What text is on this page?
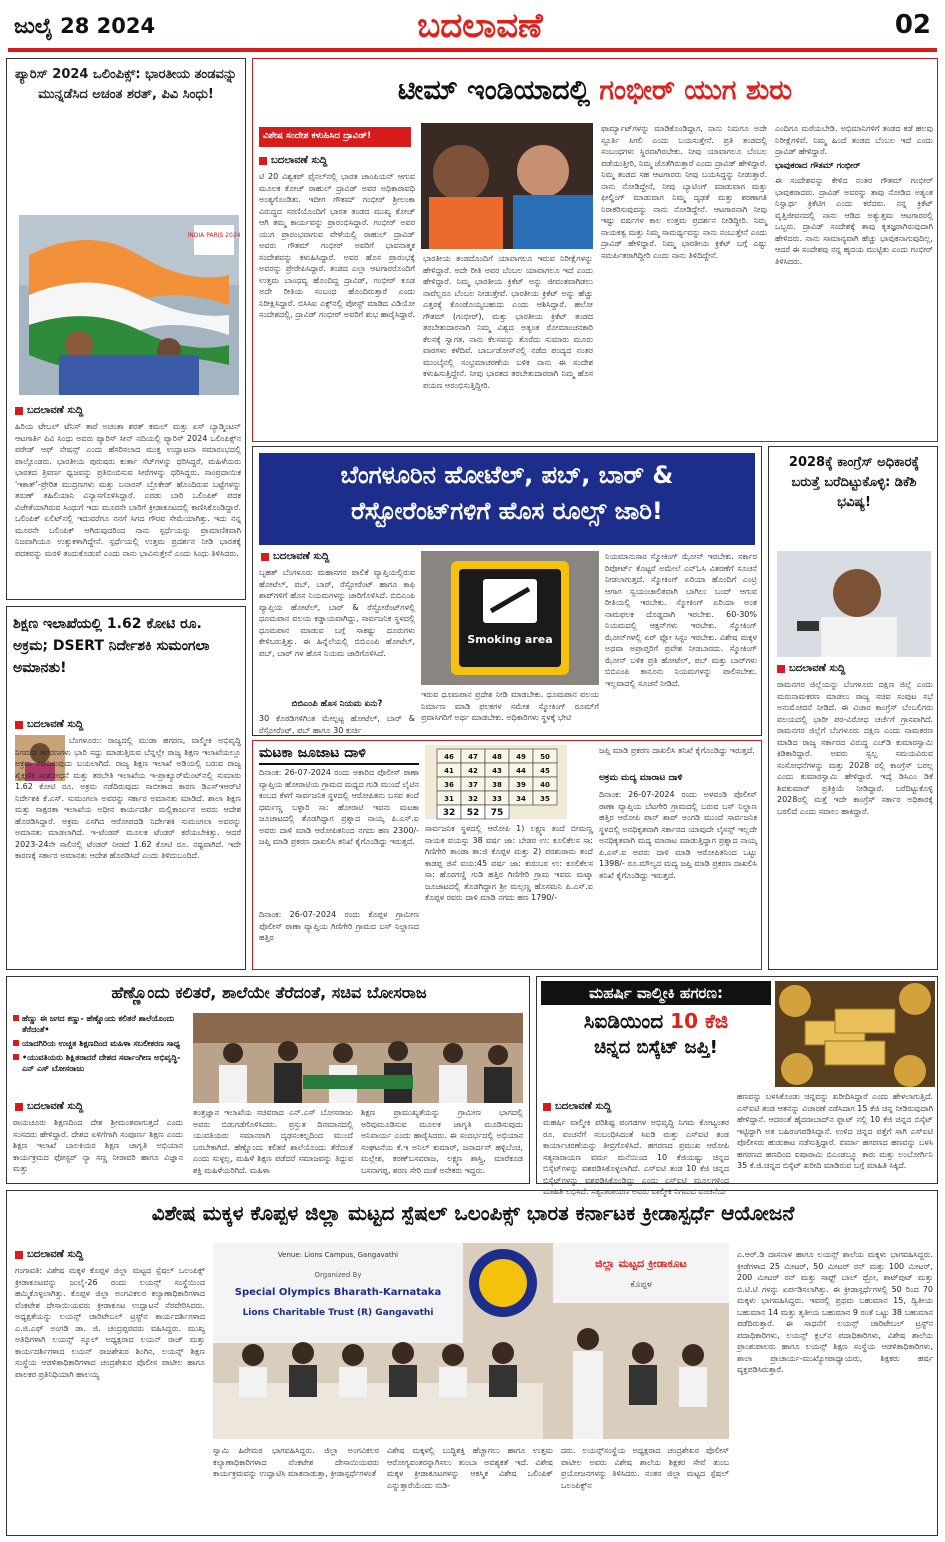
ಜುಲೈ 28 2024	ಬದಲಾವಣೆ	02
ಪ್ಯಾರಿಸ್ 2024 ಒಲಿಂಪಿಕ್ಸ್: ಭಾರತೀಯ ತಂಡವನ್ನು ಮುನ್ನಡೆಸಿದ ಅಚಂತ ಶರತ್, ಪಿವಿ ಸಿಂಧು!
INDIA PARIS 2024
ಬದಲಾವಣೆ ಸುದ್ದಿ
ಹಿರಿಯ ಟೇಬಲ್ ಟೆನಿಸ್ ತಾರೆ ಅಚಂತಾ ಶರತ್ ಕಮಲ್ ಮತ್ತು ಏಸ್ ಬ್ಯಾಡ್ಮಿಂಟನ್ ಆಟಗಾರ್ತಿ ಪಿವಿ ಸಿಂಧು ಅವರು ಪ್ಯಾರಿಸ್ ಸೀನ್ ನದಿಯಲ್ಲಿ ಪ್ಯಾರಿಸ್ 2024 ಒಲಿಂಪಿಕ್ಸ್‌ನ ಪರೇಡ್ ಆಫ್ ನೇಷನ್ಸ್ ಎಂದು ಹೆಸರಿಸಲಾದ ಮುಕ್ತ ಉದ್ಘಾಟನಾ ಸಮಾರಂಭದಲ್ಲಿ ಪಾಲ್ಗೊಂಡರು. ಭಾರತೀಯ ಪುರುಷರು ಕುರ್ತಾ ಸೆಟ್‌ಗಳನ್ನು ಧರಿಸಿದ್ದರೆ, ಮಹಿಳೆಯರು ಭಾರತದ ತ್ರಿವರ್ಣ ಧ್ವಜವನ್ನು ಪ್ರತಿಬಿಂಬಿಸುವ ಸೀರೆಗಳನ್ನು ಧರಿಸಿದ್ದರು. ಸಾಂಪ್ರದಾಯಿಕ 'ಇಕಾತ್'-ಪ್ರೇರಿತ ಮುದ್ರಣಗಳು ಮತ್ತು ಬನಾರಸ್ ಬ್ರೊಕೇಡ್ ಹೊಂದಿರುವ ಬಟ್ಟೆಗಳನ್ನು ತರುಣ್ ತಹಿಲಿಯಾನಿ ವಿನ್ಯಾಸಗೊಳಿಸಿದ್ದಾರೆ. ಎರಡು ಬಾರಿ ಒಲಿಂಪಿಕ್ ಪದಕ ವಿಜೇತೆಯಾಗಿರುವ ಸಿಂಧುಗೆ ಇದು ಮೂರನೇ ಬಾರಿಗೆ ಕ್ರೀಡಾಕೂಟದಲ್ಲಿ ಕಾಣಿಸಿಕೊಂಡಿದ್ದಾರೆ. ಒಲಿಂಪಿಕ್ ಏಲಿಟ್‌ನಲ್ಲಿ ಇದುವರೆಗೂ ನನಗೆ ಸಿಗದ ಗೌರವ ಸೇಮೆಯಾಗಿತ್ತು. ಇದು ನನ್ನ ಮೂರನೇ ಒಲಿಂಪಿಕ್ ಆಗಿರುವುದರಿಂದ ನಾನು ಸ್ಪರ್ಧೆಯನ್ನು ಪ್ರಾಮಾಣಿಕವಾಗಿ ನಿಜವಾಗಿಯೂ ಉತ್ಸುಕಳಾಗಿದ್ದೇನೆ. ಸ್ಪರ್ಧೆಯಲ್ಲಿ ಉತ್ತಮ ಪ್ರದರ್ಶನ ನೀಡಿ ಭಾರತಕ್ಕೆ ಪದಕವನ್ನು ಮರಳಿ ತಂದುಕೊಡುವೆ ಎಂದು ನಾನು ಭಾವಿಸುತ್ತೇನೆ ಎಂದು ಸಿಂಧು ತಿಳಿಸಿದರು.
ಟೀಮ್ ಇಂಡಿಯಾದಲ್ಲಿ ಗಂಭೀರ್ ಯುಗ ಶುರು
ವಿಶೇಷ ಸಂದೇಶ ಕಳುಹಿಸಿದ ದ್ರಾವಿಡ್!
ಬದಲಾವಣೆ ಸುದ್ದಿ
ಟಿ 20 ವಿಶ್ವಕಪ್ ಫೈನಲ್‌ನಲ್ಲಿ ಭಾರತ ಚಾಂಪಿಯನ್ ಆಗುವ ಮೂಲಕ ಕೋಚ್ ರಾಹುಲ್ ದ್ರಾವಿಡ್ ಅವರ ಅಧಿಕಾರಾವಧಿ ಅಂತ್ಯಗೊಂಡಿತು. ಇದೀಗ ಗೌತಮ್ ಗಂಭೀರ್ ಶ್ರೀಲಂಕಾ ವಿರುದ್ಧದ ಸರಣಿಯೊಂದಿಗೆ ಭಾರತ ತಂಡದ ಮುಖ್ಯ ಕೋಚ್ ಆಗಿ ತಮ್ಮ ಕಾರ್ಯವನ್ನು ಪ್ರಾರಂಭಿಸಿದ್ದಾರೆ. ಗಂಭೀರ್ ಅವರ ಯುಗ ಪ್ರಾರಂಭವಾಗುವ ವೇಳೆಯಲ್ಲಿ ರಾಹುಲ್ ದ್ರಾವಿಡ್ ಅವರು ಗೌತಮ್ ಗಂಭೀರ್ ಅವರಿಗೆ ಭಾವನಾತ್ಮಕ ಸಂದೇಶವನ್ನು ಕಳುಹಿಸಿದ್ದಾರೆ. ಅವರ ಹೊಸ ಪ್ರಾರಂಭಕ್ಕೆ ಅವರನ್ನು ಪ್ರೇರೇಪಿಸಿದ್ದಾರೆ. ತಂಡದ ಎಲ್ಲಾ ಆಟಗಾರರೊಂದಿಗೆ ಉತ್ತಮ ಬಾಂಧವ್ಯ ಹೊಂದಿದ್ದ ದ್ರಾವಿಡ್, ಗಂಭೀರ್ ಕೂಡ ಅದೇ ರೀತಿಯ ಸಂಬಂಧ ಹೊಂದಿರುತ್ತಾರೆ ಎಂದು ನಿರೀಕ್ಷಿಸಿದ್ದಾರೆ. ಬಿಸಿಸಿಐ ಎಕ್ಸ್‌ನಲ್ಲಿ ಪೋಸ್ಟ್ ಮಾಡಿದ ವಿಡಿಯೋ ಸಂದೇಶದಲ್ಲಿ, ದ್ರಾವಿಡ್ ಗಂಭೀರ್ ಅವರಿಗೆ ಶುಭ ಹಾರೈಸಿದ್ದಾರೆ.
ಭಾರತೀಯ ತಂಡದೊಂದಿಗೆ ಯಾವಾಗಲೂ ಇರುವ ನಿರೀಕ್ಷೆಗಳನ್ನು ಹೇಳಿದ್ದಾರೆ. ಅದೇ ರೀತಿ ಅವರ ಬೆಂಬಲ ಯಾವಾಗಲೂ ಇದೆ ಎಂದು ಹೇಳಿದ್ದಾರೆ. ನಿಮ್ಮ ಭಾರತೀಯ ಕ್ರಿಕೆಟ್ ಅನ್ನು ಜೀವಂತವಾಗಿಡಲು ನಾವೆಲ್ಲರೂ ಬೆಂಬಲ ನೀಡುತ್ತೇವೆ. ಭಾರತೀಯ ಕ್ರಿಕೆಟ್ ಅನ್ನು ಹೆಚ್ಚು ಎತ್ತರಕ್ಕೆ ಕೊಂಡೊಯ್ಯಬಹುದು ಎಂದು ಆಶಿಸಿದ್ದಾರೆ. ಹಲೋ ಗೌತಮ್ (ಗಂಭೀರ್), ಮತ್ತು ಭಾರತೀಯ ಕ್ರಿಕೆಟ್ ತಂಡದ ತರಬೇತುದಾರನಾಗಿ ನಿಮ್ಮ ವಿಶ್ವದ ಅತ್ಯಂತ ರೋಮಾಂಚನಕಾರಿ ಕೆಲಸಕ್ಕೆ ಸ್ವಾಗತ. ನಾನು ಕೆಲಸವನ್ನು ತೊರೆದು ಸುಮಾರು ಮೂರು ವಾರಗಳು ಕಳೆದಿವೆ. ಬಾರ್ಬಡೋಸ್‌ನಲ್ಲಿ ನಡೆದ ಪಂದ್ಯದ ನಂತರ ಮುಂಬೈನಲ್ಲಿ ಸಂಭ್ರಮಾಚರಣೆಯ ಬಳಿಕ ನಾನು ಈ ಸಂದೇಶ ಕಳುಹಿಸುತ್ತಿದ್ದೇನೆ. ನೀವು ಭಾರತದ ತರಬೇತುದಾರರಾಗಿ ನಿಮ್ಮ ಹೊಸ ಪಯಣ ಆರಂಭಿಸುತ್ತಿದ್ದೀರಿ.
ಫಾರ್ಮ್ಯಾಟ್‌ಗಳನ್ನು ಮಾಡಿಕೊಂಡಿದ್ದಾಗ, ನಾನು ನಿಮಗೂ ಅದೇ ಸ್ಪೂರ್ತಿ ಸಿಗಲಿ ಎಂದು ಬಯಸುತ್ತೇನೆ. ಪ್ರತಿ ತಂಡದಲ್ಲಿ ಸಂಬಂಧಗಳು ಸ್ಥಿರವಾಗಿರಬೇಕು. ನೀವು ಯಾವಾಗಲೂ ಬೆಂಬಲ ಪಡೆಯುತ್ತೀರಿ, ನಿಮ್ಮ ಜೊತೆಗಿರುತ್ತಾರೆ ಎಂದು ದ್ರಾವಿಡ್ ಹೇಳಿದ್ದಾರೆ. ನಿಮ್ಮ ತಂಡದ ಸಹ ಆಟಗಾರರು ನೀವು ಬಯಸಿದ್ದನ್ನು ನೀಡುತ್ತಾರೆ. ನಾನು ನೋಡಿದ್ದೇನೆ, ನೀವು ಬ್ಯಾಟಿಂಗ್ ಮಾಡುವಾಗ ಮತ್ತು ಫೀಲ್ಡಿಂಗ್ ಮಾಡುವಾಗ ನಿಮ್ಮ ದೃಢತೆ ಮತ್ತು ಶರಣಾಗತಿ ನಿರಾಕರಿಸುವುದನ್ನು ನಾನು ನೋಡಿದ್ದೇನೆ. ಆಟಗಾರನಾಗಿ ನೀವು ಇಷ್ಟು ವರ್ಷಗಳ ಕಾಲ ಉತ್ತಮ ಪ್ರದರ್ಶನ ನೀಡಿದ್ದೀರಿ. ನಿಮ್ಮ ನಾಯಕತ್ವ ಮತ್ತು ನಿಮ್ಮ ಸಾಮರ್ಥ್ಯವನ್ನು ನಾನು ನಂಬುತ್ತೇನೆ ಎಂದು ದ್ರಾವಿಡ್ ಹೇಳಿದ್ದಾರೆ. ನಿಮ್ಮ ಭಾರತೀಯ ಕ್ರಿಕೆಟ್ ಬಗ್ಗೆ ಎಷ್ಟು ಸಮರ್ಪಿತರಾಗಿದ್ದೀರಿ ಎಂದು ನಾನು ತಿಳಿದಿದ್ದೇನೆ.
ಎಂದಿಗೂ ಮರೆಯಬೇಡಿ. ಅಭಿಮಾನಿಗಳಿಗೆ ತಂಡದ ಕಡೆ ಹಲವು ನಿರೀಕ್ಷೆಗಳಿವೆ. ನಿಮ್ಮ ಹಿಂದೆ ತಂಡದ ಬೆಂಬಲ ಇದೆ ಎಂದು ದ್ರಾವಿಡ್ ಹೇಳಿದ್ದಾರೆ.
ಭಾವುಕರಾದ ಗೌತಮ್ ಗಂಭೀರ್
ಈ ಸಂದೇಶವನ್ನು ಕೇಳಿದ ನಂತರ ಗೌತಮ್ ಗಂಭೀರ್ ಭಾವುಕರಾದರು. ದ್ರಾವಿಡ್ ಅವರನ್ನು ತಾವು ನೋಡಿದ ಅತ್ಯಂತ ನಿಸ್ವಾರ್ಥ ಕ್ರಿಕೆಟಿಗ ಎಂದು ಕರೆದರು. ನನ್ನ ಕ್ರಿಕೆಟ್ ವೃತ್ತಿಜೀವನದಲ್ಲಿ ನಾನು ಆಡಿದ ಅತ್ಯುತ್ತಮ ಆಟಗಾರರಲ್ಲಿ ಒಬ್ಬರು. ದ್ರಾವಿಡ್ ಸಂದೇಶಕ್ಕೆ ತಾವು ಕೃತಜ್ಞರಾಗಿರುವುದಾಗಿ ಹೇಳಿದರು. ನಾನು ಸಾಮಾನ್ಯವಾಗಿ ಹೆಚ್ಚು ಭಾವುಕನಾಗುವುದಿಲ್ಲ, ಆದರೆ ಈ ಸಂದೇಶವು ನನ್ನ ಹೃದಯ ಮುಟ್ಟಿತು ಎಂದು ಗಂಭೀರ್ ತಿಳಿಸಿದರು.
ಬೆಂಗಳೂರಿನ ಹೋಟೆಲ್, ಪಬ್, ಬಾರ್ &
ರೆಸ್ಟೋರೆಂಟ್‌ಗಳಿಗೆ ಹೊಸ ರೂಲ್ಸ್ ಜಾರಿ!
ಬದಲಾವಣೆ ಸುದ್ದಿ
ಬೃಹತ್ ಬೆಂಗಳೂರು ಮಹಾನಗರ ಪಾಲಿಕೆ ವ್ಯಾಪ್ತಿಯಲ್ಲಿರುವ ಹೋಟೆಲ್, ಪಬ್, ಬಾರ್, ರೆಸ್ಟೋರೆಂಟ್ ಹಾಗೂ ಕಾಫಿ ಶಾಪ್‌ಗಳಿಗೆ ಹೊಸ ನಿಯಮಗಳನ್ನು ಜಾರಿಗೊಳಿಸಿದೆ. ಬಿಬಿಎಂಪಿ ವ್ಯಾಪ್ತಿಯ ಹೋಟೆಲ್, ಬಾರ್ & ರೆಸ್ಟೋರೆಂಟ್‌ಗಳಲ್ಲಿ ಧೂಮಪಾನ ವಲಯ ಕಡ್ಡಾಯವಾಗಿದ್ದು, ಸಾರ್ವಜನಿಕ ಸ್ಥಳದಲ್ಲಿ ಧೂಮಪಾನ ಮಾಡುವ ಬಗ್ಗೆ ಸಾಕಷ್ಟು ದೂರುಗಳು ಕೇಳಿಬರುತ್ತಿತ್ತು. ಈ ಹಿನ್ನೆಲೆಯಲ್ಲಿ ಬಿಬಿಎಂಪಿ ಹೋಟೆಲ್, ಪಬ್, ಬಾರ್ ಗಳ ಹೊಸ ನಿಯಮ ಜಾರಿಗೊಳಿಸಿದೆ.
ಬಿಬಿಎಂಪಿ ಹೊಸ ನಿಯಮ ಏನು?
30 ಕೊಠಡಿಗಳಿಗಿಂತ ಮೇಲ್ಪಟ್ಟ ಹೋಟೆಲ್, ಬಾರ್ & ರೆಸ್ಟೋರೆಂಟ್, ಪಬ್ ಹಾಗೂ 30 ಕುರ್ಚಿ
Smoking area
ಇರುವ ಧೂಮಪಾನ ಪ್ರದೇಶ ನೀಡಿ ಮಾಡಬೇಕು. ಧೂಮಪಾನ ವಲಯ ನಿರ್ಮಾಣ ಮಾಡಿ ಫಲಕಗಳ ಸಮೇತ ಸ್ಮೋಕಿಂಗ್ ರೂಮ್‌ಗೆ ಪ್ರವಾಸಿಗರಿಗೆ ಅರ್ಥ ಮಾಡಬೇಕು. ಅಧಿಕಾರಿಗಳು ಸ್ಥಳಕ್ಕೆ ಭೇಟಿ
ನಿಯಮಾನುಸಾರ ಸ್ಮೋಕಿಂಗ್ ಝೋನ್ ಇರಬೇಕು. ಸರ್ಕಾರ ರಿಪೋರ್ಟ್ ಕೊಟ್ಟರೆ ಅಮೇಲೆ ಎನ್‌ಓಸಿ ವಿತರಣೆಗೆ ಸೂಚನೆ ನೀಡಲಾಗುತ್ತದೆ. ಸ್ಮೋಕಿಂಗ್ ಏರಿಯಾ ಹೊಂದಿಗೆ ಎಂಟ್ರಿ ಆಗಾಗ ಸ್ವಯಂಚಾಲಿತವಾಗಿ ಬಾಗಿಲು ಬಂದ್ ಆಗುವ ರೀತಿಯಲ್ಲಿ ಇರಬೇಕು. ಸ್ಮೋಕಿಂಗ್ ಏರಿಯಾ ಅಂತ ನಾಮಫಲಕ ದೊಡ್ಡದಾಗಿ ಇರಬೇಕು. 60-30% ನಿಯಮದಲ್ಲಿ ಆಕ್ಷನ್‌ಗಳು ಇರಬೇಕು. ಸ್ಮೋಕಿಂಗ್ ಝೋನ್‌ಗಳಲ್ಲಿ ಏರ್ ಫ್ಲೋ ಸಿಸ್ಟಂ ಇರಬೇಕು. ವಿಶೇಷ ಮಕ್ಕಳ ಅಥವಾ ಅಪ್ರಾಪ್ತರಿಗೆ ಪ್ರವೇಶ ನೀಡಬಾರದು. ಸ್ಮೋಕಿಂಗ್ ಝೋನ್ ಬಳಿಕ ಪ್ರತಿ ಹೋಟೆಲ್, ಪಬ್ ಮತ್ತು ಬಾರ್‌ಗಳು ಬಿಬಿಎಂಪಿ ಕಾನೂನು ನಿಯಮಗಳನ್ನು ಪಾಲಿಸಬೇಕು. ಇಲ್ಲವಾದಲ್ಲಿ ಸೂಚನೆ ನೀಡಿದೆ.
2028ಕ್ಕೆ ಕಾಂಗ್ರೆಸ್ ಅಧಿಕಾರಕ್ಕೆ ಬರುತ್ತೆ ಬರೆದಿಟ್ಟುಕೊಳ್ಳಿ: ಡಿಕೆಶಿ ಭವಿಷ್ಯ!
ಬದಲಾವಣೆ ಸುದ್ದಿ
ರಾಮನಗರ ಜಿಲ್ಲೆಯನ್ನು ಬೆಂಗಳೂರು ದಕ್ಷಿಣ ಜಿಲ್ಲೆ ಎಂದು ಮರುನಾಮಕರಣ ಮಾಡಲು ರಾಜ್ಯ ಸಚಿವ ಸಂಪುಟ ಸಭೆ ಅನುಮೋದನೆ ನೀಡಿದೆ. ಈ ವಿಚಾರ ಕಾಂಗ್ರೆಸ್ ಬೆಂಬಲಿಗರು ವಲಯದಲ್ಲಿ ಭಾರೀ ಪರ-ವಿರೋಧ ಚರ್ಚೆಗೆ ಗ್ರಾಸವಾಗಿದೆ. ರಾಮನಗರ ಜಿಲ್ಲೆಗೆ ಬೆಂಗಳೂರು ದಕ್ಷಿಣ ಎಂದು ನಾಮಕರಣ ಮಾಡಿದ ರಾಜ್ಯ ಸರ್ಕಾರದ ವಿರುದ್ಧ ಎಚ್‌ಡಿ ಕುಮಾರಸ್ವಾಮಿ ಕಿಡಿಕಾರಿದ್ದಾರೆ. ಅವರು ಸ್ವಲ್ಪ ಸಮಯವಿರುವ ಸಂಸೋಧನೆಗಳನ್ನು ಮತ್ತು 2028 ರಲ್ಲಿ ಕಾಂಗ್ರೆಸ್ ಬರಲ್ಲ ಎಂದು ಕುಮಾರಸ್ವಾಮಿ ಹೇಳಿದ್ದಾರೆ. ಇದ್ಕೆ ಡಿಸಿಎಂ ಡಿಕೆ ಶಿವಕುಮಾರ್ ಪ್ರತಿಕ್ರಿಯೆ ನೀಡಿದ್ದಾರೆ. ಬರೆದಿಟ್ಟುಕೊಳ್ಳಿ 2028ರಲ್ಲಿ ಮತ್ತೆ ಇದೇ ಕಾಂಗ್ರೆಸ್ ಸರ್ಕಾರ ಅಧಿಕಾರಕ್ಕೆ ಬರಲಿದೆ ಎಂದು ಸವಾಲು ಹಾಕಿದ್ದಾರೆ.
ಶಿಕ್ಷಣ ಇಲಾಖೆಯಲ್ಲಿ 1.62 ಕೋಟಿ ರೂ. ಅಕ್ರಮ; DSERT ನಿರ್ದೇಶಕಿ ಸುಮಂಗಲಾ ಅಮಾನತು!
ಬದಲಾವಣೆ ಸುದ್ದಿ
ಬೆಂಗಳೂರು: ರಾಜ್ಯದಲ್ಲಿ ಮುಡಾ ಹಗರಣ, ವಾಲ್ಮೀಕಿ ಅಭಿವೃದ್ಧಿ ನಿಗಮದ ಹಗರಣಗಳು ಭಾರಿ ಸದ್ದು ಮಾಡುತ್ತಿರುವ ಬೆನ್ನಲ್ಲೇ ರಾಜ್ಯ ಶಿಕ್ಷಣ ಇಲಾಖೆಯಲ್ಲೂ ಅಕ್ರಮ ನಡೆದಿರುವುದು ಬಯಲಾಗಿದೆ. ರಾಜ್ಯ ಶಿಕ್ಷಣ ಇಲಾಖೆ ಅಡಿಯಲ್ಲಿ ಬರುವ ರಾಜ್ಯ ಶೈಕ್ಷಣಿಕ ಸಂಶೋಧನೆ ಮತ್ತು ತರಬೇತಿ ಇಲಾಖೆಯ ಇ-ಪ್ರಾಕ್ಯೂರ್‌ಮೆಂಟ್‌ನಲ್ಲಿ ಸುಮಾರು 1.62 ಕೋಟಿ ರೂ. ಅಕ್ರಮ ನಡೆದಿರುವುದು ಸಾಬೀತಾದ ಕಾರಣ ಡಿಎಸ್‌ಇಆರ್‌ಟಿ ನಿರ್ದೇಶಕಿ ಕೆ.ಎಸ್. ಸುಮಂಗಲಾ ಅವರನ್ನು ಸರ್ಕಾರ ಅಮಾನತು ಮಾಡಿದೆ. ಶಾಲಾ ಶಿಕ್ಷಣ ಮತ್ತು ಸಾಕ್ಷರತಾ ಇಲಾಖೆಯ ಅಧೀನ ಕಾರ್ಯದರ್ಶಿ ಮಲ್ಲಿಕಾರ್ಜುನ ಅವರು ಆದೇಶ ಹೊರಡಿಸಿದ್ದಾರೆ. ಅಕ್ರಮ ಎಸಗಿದ ಆರೋಪದಡಿ ನಿರ್ದೇಶಕಿ ಸುಮಂಗಲಾ ಅವರನ್ನು ಅಮಾನತು ಮಾಡಲಾಗಿದೆ. ಇ-ಟೆಂಡರ್ ಮೂಲಕ ಟೆಂಡರ್ ಕರೆಯಬೇಕಿತ್ತು. ಆದರೆ 2023-24ನೇ ಸಾಲಿನಲ್ಲಿ ಟೆಂಡರ್ ನೀಡದೆ 1.62 ಕೋಟಿ ರೂ. ನಷ್ಟವಾಗಿದೆ. ಇದೇ ಕಾರಣಕ್ಕೆ ಸರ್ಕಾರ ಅಮಾನತು ಆದೇಶ ಹೊರಡಿಸಿದೆ ಎಂದು ತಿಳಿದುಬಂದಿದೆ.
ಮಟಕಾ ಜೂಜಾಟ ದಾಳಿ	46 47 48 49 50
41 42 43 44 45
36 37 38 39 40
31 32 33 34 35
32 52 75
ದಿನಾಂಕ: 26-07-2024 ರಂದು ಅಕಾರಿದ ಪೊಲೀಸ್ ಠಾಣಾ ವ್ಯಾಪ್ತಿಯ ಹೋರಾಟಿಯ ಗ್ರಾಮದ ಮಧ್ಯದ ಗುಡಿ ಮುಂದೆ ಲೈಟಿನ ಕಂಬದ ಕೆಳಗೆ ಸಾರ್ವಜನಿಕ ಸ್ಥಳದಲ್ಲಿ ಆರೋಪಿತನು ಬಸವ ತಂದೆ ಧರ್ಮಣ್ಣ ಬಳ್ಳಾರಿ ಸಾ: ಹೋರಾಟಿ ಇವನು ಮಟಕಾ ಜೂಜಾಟದಲ್ಲಿ ತೊಡಗಿದ್ದಾಗ ಪ್ರಶ್ನಾದ ನಾಯ್ಕ ಪಿ.ಎಸ್.ಐ ಅವರು ದಾಳಿ ಮಾಡಿ ಆರೋಪಿತನಿಂದ ನಗದು ಹಣ 2300/- ಜಪ್ತಿ ಮಾಡಿ ಪ್ರಕರಣ ದಾಖಲಿಸಿ ತನಿಖೆ ಕೈಗೊಂಡಿದ್ದು ಇರುತ್ತದೆ.
ದಿನಾಂಕ: 26-07-2024 ರಂದು ಕೊಪ್ಪಳ ಗ್ರಾಮೀಣ ಪೊಲೀಸ್ ಠಾಣಾ ವ್ಯಾಪ್ತಿಯ ಗಿಣಿಗೇರಿ ಗ್ರಾಮದ ಬಸ್ ನಿಲ್ದಾಣದ ಹತ್ತಿರ
ಸಾರ್ವಜನಿಕ ಸ್ಥಳದಲ್ಲಿ ಆರೋಪಿ 1) ಲಕ್ಷ್ಮಣ ತಂದೆ ಬೀಮಣ್ಣ ನಾಯಕ ವಯಸ್ಸು 38 ವರ್ಷ ಜಾ: ಬೇಡರ ಉ: ಕೂಲಿಕೆಲಸ ಸಾ: ಗಿಣಿಗೇರಿ ತಾಂಡಾ ತಾ:ಜಿ ಕೊಪ್ಪಳ ಮತ್ತು 2) ಪರಶುರಾಮ ತಂದೆ ಕಾಡಪ್ಪ ಜಿಸೆ ವಯ:45 ವರ್ಷ ಜಾ: ಕುರುಬರ ಉ: ಕೂಲಿಕೆಲಸ ಸಾ: ಹೊರಗಣ್ಣಿ ಗುಡಿ ಹತ್ತಿರ ಗಿಣಿಗೇರಿ ಗ್ರಾಮ ಇವರು ಮಟ್ಕಾ ಜೂಜಾಟದಲ್ಲಿ ತೊಡಗಿದ್ದಾಗ ಶ್ರೀ ಮಲ್ಲಣ್ಣ ಹೊಸಮನಿ ಪಿ.ಎಸ್.ಐ ಕೊಪ್ಪಳ ರವರು ದಾಳಿ ಮಾಡಿ ನಗದು ಹಣ 1790/-
ಜಪ್ತಿ ಮಾಡಿ ಪ್ರಕರಣ ದಾಖಲಿಸಿ ತನಿಖೆ ಕೈಗೊಂಡಿದ್ದು ಇರುತ್ತದೆ.
ಅಕ್ರಮ ಮದ್ಯ ಮಾರಾಟ ದಾಳಿ
ದಿನಾಂಕ: 26-07-2024 ರಂದು ಅಳವಂಡಿ ಪೊಲೀಸ್ ಠಾಣಾ ವ್ಯಾಪ್ತಿಯ ಬೆಟಗೇರಿ ಗ್ರಾಮದಲ್ಲಿ ಬರುವ ಬಸ್ ನಿಲ್ದಾಣ ಹತ್ತಿರ ಆರೋಪಿ ಪಾನ್ ಶಾಪ್ ಅಂಗಡಿ ಮುಂದೆ ಸಾರ್ವಜನಿಕ ಸ್ಥಳದಲ್ಲಿ ಅನಧಿಕೃತವಾಗಿ ಸರ್ಕಾರದ ಯಾವುದೇ ಲೈಸನ್ಸ್ ಇಲ್ಲದೇ ಅನಧಿಕೃತವಾಗಿ ಮದ್ಯ ಮಾರಾಟ ಮಾಡುತ್ತಿದ್ದಾಗ ಪ್ರಶ್ನಾದ ನಾಯ್ಕ ಪಿ.ಎಸ್.ಐ ಅವರು ದಾಳಿ ಮಾಡಿ ಆರೋಪಿತನಿಂದ ಒಟ್ಟು 1398/- ರೂ.ಮೌಲ್ಯದ ಮದ್ಯ ಜಪ್ತಿ ಮಾಡಿ ಪ್ರಕರಣ ದಾಖಲಿಸಿ ತನಿಖೆ ಕೈಗೊಂಡಿದ್ದು ಇರುತ್ತದೆ.
ಹೆಣ್ಣೊಂದು ಕಲಿತರೆ, ಶಾಲೆಯೇ ತೆರೆದಂತೆ, ಸಚಿವ ಬೋಸರಾಜ
ಹೆಣ್ಣು ಈ ಜಗದ ಕಣ್ಣು- ಹೆಣ್ಣೊಂದು ಕಲಿತರೆ ಶಾಲೆಯೊಂದು ತೆರೆದಂತೆ•
ಯಾದಗಿರಿಯ ಉಚ್ಚತ ಶಿಕ್ಷಣದಿಂದ ಮಹಿಳಾ ಸಬಲೀಕರಣ ಸಾಧ್ಯ
•ಯುವತಿಯರು ಶಿಕ್ಷಿತರಾದರೆ ದೇಶದ ಸರ್ವಾಂಗೀಣ ಅಭಿವೃದ್ಧಿ- ಎನ್ ಎಸ್ ಬೋಸರಾಜು
ಬದಲಾವಣೆ ಸುದ್ದಿ
ರಾಯಚೂರು ಶಿಕ್ಷಣದಿಂದ ದೇಶ ಶ್ರೀಮಂತವಾಗುತ್ತದೆ ಎಂದು ಸಂಸದರು ಹೇಳಿದ್ದಾರೆ. ದೇಶದ ಏಳಿಗೆಗಾಗಿ ಸಂಪೂರ್ಣ ಶಿಕ್ಷಣ ಎಂದು ಶಿಕ್ಷಣ ಇಲಾಖೆ ಬಾಲಕಿಯರ ಶಿಕ್ಷಣ ಜಾಗೃತಿ ಅಭಿಯಾನ ಕಾರ್ಯಕ್ರಮದ ಫೋಸ್ಟರ್ ನ್ಯಾ ಸಣ್ಣ ನೀರಾವರಿ ಹಾಗೂ ವಿಜ್ಞಾನ ಮತ್ತು
ತಂತ್ರಜ್ಞಾನ ಇಲಾಖೆಯ ಸಚಿವರಾದ ಎನ್.ಎಸ್ ಬೋಸರಾಜು ಅವರು ಬಿಡುಗಡೆಗೊಳಿಸಿದರು. ಪ್ರಸ್ತುತ ದಿನಮಾನದಲ್ಲಿ ಯುವತಿಯರು ಸಮಾನರಾಗಿ ದೃಢಸಂಕಲ್ಪದಿಂದ ಮುಂದೆ ಬರಬೇಕಾಗಿದೆ. ಹೆಣ್ಣೊಂದು ಕಲಿತರೆ ಶಾಲೆಯೊಂದು ತೆರೆದಂತೆ ಎಂದು ಸುಳ್ಳಲ್ಲ, ಮಹಿಳೆ ಶಿಕ್ಷಣ ಪಡೆದರೆ ಸಮಾಜವನ್ನು ತಿದ್ದುವ ಶಕ್ತಿ ಮಹಿಳೆಯರಿಗಿದೆ. ಮಹಿಳಾ
ಶಿಕ್ಷಣ ಪ್ರಾಮುಖ್ಯತೆಯನ್ನು ಗ್ರಾಮೀಣ ಭಾಗದಲ್ಲಿ ಅರಿವುಮೂಡಿಸುವ ಮೂಲಕ ಜಾಗೃತಿ ಮೂಡಿಸುವುದು ಅನಿವಾರ್ಯ ಎಂದು ಹಾರೈಸಿದರು. ಈ ಸಂದರ್ಭದಲ್ಲಿ ಅಭಿಯಾನ ಸಂಘಟನೆಯ ಕೆ.ಇ ಅನಿಲ್ ಕುಮಾರ್, ಜನಾರ್ದನ್ ಹಳ್ಳಿಬೆಂಚಿ, ಮಲ್ಲೇಶ, ಕರಣ್‌ಬಸವರಾಜ, ಲಕ್ಷ್ಮಣ ಶಾಸ್ತ್ರಿ, ಮಾರೆಕೂಡ ಬಸನಾಗಪ್ಪ, ಶರಣ ಸೇರಿ ದಂತೆ ಅನೇಕರು ಇದ್ದರು.
ಮಹರ್ಷಿ ವಾಲ್ಮೀಕಿ ಹಗರಣ:
ಸಿಐಡಿಯಿಂದ 10 ಕೆಜಿ
ಚಿನ್ನದ ಬಿಸ್ಕೆಟ್ ಜಪ್ತಿ!
ಬದಲಾವಣೆ ಸುದ್ದಿ
ಮಹರ್ಷಿ ವಾಲ್ಮೀಕಿ ಪರಿಶಿಷ್ಟ ಪಂಗಡಗಳ ಅಭಿವೃದ್ಧಿ ನಿಗಮ ಕೋಟ್ಯಂತರ ರೂ. ವಂಚನೆಗೆ ಸಂಬಂಧಿಸಿದಂತೆ ಸಿಐಡಿ ಮತ್ತು ಎಸ್‌ಐಟಿ ತಂಡ ಕಾರ್ಯಾಚರಣೆಯನ್ನು ತೀವ್ರಗೊಳಿಸಿದೆ. ಹಗರಣದ ಪ್ರಮುಖ ಆರೋಪಿ ಸತ್ಯನಾರಾಯಣ ವರ್ಮ ಮನೆಯಿಂದ 10 ಕೆಜಿಯಷ್ಟು ಚಿನ್ನದ ಬಿಸ್ಕೆಟ್‌ಗಳನ್ನು ವಶಪಡಿಸಿಕೊಳ್ಳಲಾಗಿದೆ. ಎಸ್‌ಐಟಿ ತಂಡ 10 ಕೆಜಿ ಚಿನ್ನದ ಬಿಸ್ಕೆಟ್‌ಗಳನ್ನು ವಶಪಡಿಸಿಕೊಂಡಿದ್ದು ಎಂದು ಎಸ್‌ಐಟಿ ಮೂಲಗಳಿಂದ ಮಾಹಿತಿ ಲಭಿಸಿದೆ. ಸತ್ಯನಾರಾಯಣ ಅವರು ವಾಲ್ಮೀಕಿ ನಿಗಮದ ವಂಚನೆಯ
ಹಣವನ್ನು ಬಳಸಿಕೊಂಡು ಚಿನ್ನವನ್ನು ಖರೀದಿಸಿದ್ದಾರೆ ಎಂದು ಹೇಳಲಾಗುತ್ತಿದೆ. ಎಸ್‌ಐಟಿ ತಂಡ ಆತನನ್ನು ವಿಚಾರಣೆ ನಡೆಸಿದಾಗ 15 ಕೆಜಿ ಚಿನ್ನ ನೀಡಿರುವುದಾಗಿ ಹೇಳಿದ್ದಾನೆ. ಆದರಂತೆ ಹೈದರಾಬಾದ್‌ನ ಫ್ಲಾಟ್ ನಲ್ಲಿ 10 ಕೆಜಿ ಚಿನ್ನದ ಬಿಸ್ಕೆಟ್ ಇಟ್ಟಿದ್ದಾಗಿ ಅತ ಬಹಿರಂಗಪಡಿಸಿದ್ದಾನೆ. ಉಳಿದ ಚಿನ್ನದ ಪತ್ತೆಗೆ ಸಾಗಿ ಎಸ್‌ಐಟಿ ಪೊಲೀಸರು ಹುಡುಕಾಟ ನಡೆಸುತ್ತಿದ್ದಾರೆ. ವರ್ಮಾ ಹಗರಣದ ಹಣವನ್ನು ಬಳಸಿ ಹಗರಣದ ಹಣದಿಂದ ಐಷಾರಾಮಿ ಬಿಎಂಡಬ್ಲ್ಯೂ ಕಾರು ಮತ್ತು ಲಂಬೋರ್ಗಿನಿ 35 ಕೆ.ಜಿ.ಚಿನ್ನದ ಬಿಸ್ಕೆಟ್ ಖರೀದಿ ಮಾಡಿರುವ ಬಗ್ಗೆ ಮಾಹಿತಿ ಸಿಕ್ಕಿದೆ.
ವಿಶೇಷ ಮಕ್ಕಳ ಕೊಪ್ಪಳ ಜಿಲ್ಲಾ ಮಟ್ಟದ ಸ್ಪೆಷಲ್ ಒಲಂಪಿಕ್ಸ್ ಭಾರತ ಕರ್ನಾಟಕ ಕ್ರೀಡಾಸ್ಪರ್ಧೆ ಆಯೋಜನೆ
ಬದಲಾವಣೆ ಸುದ್ದಿ
ಗಂಗಾವತಿ: ವಿಶೇಷ ಮಕ್ಕಳ ಕೊಪ್ಪಳ ಜಿಲ್ಲಾ ಮಟ್ಟದ ಸ್ಪೆಷಲ್ ಒಲಂಪಿಕ್ಸ್ ಕ್ರೀಡಾಕೂಟವನ್ನು ಜುಲೈ-26 ರಂದು ಲಯನ್ಸ್ ಸಂಸ್ಥೆಯಿಂದ ಹಮ್ಮಿಕೊಳ್ಳಲಾಗಿತ್ತು. ಕೊಪ್ಪಳ ಜಿಲ್ಲಾ ಅಂಗವಿಕಲರ ಕಲ್ಯಾಣಾಧಿಕಾರಿಗಳಾದ ವೆಂಕಟೇಶ ದೇಸಾಯಿಯವರು ಕ್ರೀಡಾಕೂಟ ಉದ್ಘಾಟನೆ ನೆರವೇರಿಸಿದರು. ಅಧ್ಯಕ್ಷತೆಯನ್ನು ಲಯನ್ಸ್ ಚಾರಿಟೇಬಲ್ ಟ್ರಸ್ಟ್‌ನ ಕಾರ್ಯದರ್ಶಿಗಳಾದ ಎ.ಜಿ.ಎಫ್ ಅಂಗಡಿ ಡಾ. ಜಿ. ಚಂದ್ರಪ್ಪರವರು ವಹಿಸಿದ್ದರು. ಮುಖ್ಯ ಅತಿಥಿಗಳಾಗಿ ಲಯನ್ಸ್ ಸ್ಕೂಲ್ ಅಧ್ಯಕ್ಷರಾದ ಲಯನ್ ರಾಜ್ ಮತ್ತು ಕಾರ್ಯದರ್ಶಿಗಳಾದ ಲಯನ್ ರಾಜಶೇಖರ ಶಿಂಗಿನ, ಲಯನ್ಸ್ ಶಿಕ್ಷಣ ಸಂಸ್ಥೆಯ ಆಡಳಿತಾಧಿಕಾರಿಗಳಾದ ಚಂದ್ರಶೇಖರ ಪೊಲೀಸ ಪಾಟೀಲ ಹಾಗೂ ಪಾಲಕರ ಪ್ರತಿನಿಧಿಯಾಗಿ ಹಾಲಯ್ಯ
Venue: Lions Campus, Gangavathi
Organized By
Special Olympics Bharath-Karnataka
Lions Charitable Trust (R) Gangavathi
ಜಿಲ್ಲಾ ಮಟ್ಟದ ಕ್ರೀಡಾಕೂಟ
ಕೊಪ್ಪಳ
ಸ್ವಾಮಿ ಹಿರೇಮಠ ಭಾಗವಹಿಸಿದ್ದರು. ಜಿಲ್ಲಾ ಅಂಗವಿಕಲರ ಕಲ್ಯಾಣಾಧಿಕಾರಿಗಳಾದ ವೆಂಕಟೇಶ ದೇಸಾಯಿಯವರು ಕಾರ್ಯಕ್ರಮವನ್ನು ಉದ್ಘಾಟಿಸಿ ಮಾತನಾಡುತ್ತಾ, ಕ್ರೀಡಾಸ್ಪರ್ಧೆಗಳಂತೆ
ವಿಶೇಷ ಮಕ್ಕಳಲ್ಲಿ ಬುದ್ಧಿಶಕ್ತಿ ಹೆಚ್ಚಾಗಲು ಹಾಗೂ ಉತ್ತಮ ಆರೋಗ್ಯವಂತರನ್ನಾಗಿಸಲು ತುಂಬಾ ಅವಶ್ಯಕತೆ ಇದೆ. ವಿಶೇಷ ಮಕ್ಕಳ ಕ್ರೀಡಾಕೂಟಗಳನ್ನು ಆಕಸ್ಮಿಕ ವಿಶೇಷ ಒಲಿಂಪಿಕ್ ಎನ್ನುತ್ತಾರೆಯೆಂದು ನುಡಿ-
ದರು. ಲಯನ್ಸ್‌ಸಂಸ್ಥೆಯ ಅಧ್ಯಕ್ಷರಾದ ಚಂದ್ರಶೇಖರ ಪೊಲೀಸ್ ಪಾಟೀಲ ಅವರು ವಿಶೇಷ ಶಾಲೆಯ ಶಿಕ್ಷಕರ ಸೇವೆ ತುಂಬ ಪ್ರಯೋಜನಗಳನ್ನು ತಿಳಿಸಿದರು. ನಂತರ ಜಿಲ್ಲಾ ಮಟ್ಟದ ಸ್ಪೆಷಲ್ ಒಲಂಪಿಕ್ಸ್‌ನ
ಎ.ಆರ್.ಡಿ ದಾಸನಾಳ ಹಾಗೂ ಲಯನ್ಸ್ ಶಾಲೆಯ ಮಕ್ಕಳು ಭಾಗವಹಿಸಿದ್ದರು. ಕ್ರೀಡೆಗಳಾದ 25 ಮೀಟರ್, 50 ಮೀಟರ್ ರನ್ ಮತ್ತು 100 ಮೀಟರ್, 200 ಮೀಟರ್ ರನ್ ಮತ್ತು ಸಾಫ್ಟ್ ಬಾಲ್ ಥ್ರೋ, ಶಾಟ್‌ಪುಟ್ ಮತ್ತು ಬಿ.ಟಿ.ಟಿ ಗಳನ್ನು ಏರ್ಪಡಿಸಲಾಗಿತ್ತು. ಈ ಕ್ರೀಡಾಸ್ಪರ್ಧೆಗಳಲ್ಲಿ 50 ರಿಂದ 70 ಮಕ್ಕಳು ಭಾಗವಹಿಸಿದ್ದರು. ಇವರಲ್ಲಿ ಪ್ರಥಮ ಬಹುಮಾನ 15, ದ್ವಿತೀಯ ಬಹುಮಾನ 14 ಮತ್ತು ತೃತೀಯ ಬಹುಮಾನ 9 ರಂತೆ ಒಟ್ಟು 38 ಬಹುಮಾನ ಪಡೆದಿರುತ್ತಾರೆ. ಈ ಸಾಧನೆಗೆ ಲಯನ್ಸ್ ಚಾರಿಟೇಬಲ್ ಟ್ರಸ್ಟ್‌ನ ಪದಾಧಿಕಾರಿಗಳು, ಲಯನ್ಸ್ ಕ್ಲಬ್‌ನ ಪದಾಧಿಕಾರಿಗಳು, ವಿಶೇಷ ಶಾಲೆಯ ಪ್ರಾಂಶುಪಾಲರು ಹಾಗೂ ಲಯನ್ಸ್ ಶಿಕ್ಷಣ ಸಂಸ್ಥೆಯ ಆಡಳಿತಾಧಿಕಾರಿಗಳು, ಶಾಲಾ ಪ್ರಾಚಾರ್ಯ-ಮುಖ್ಯೋಪಾಧ್ಯಾಯರು, ಶಿಕ್ಷಕರು ಹರ್ಷ ವ್ಯಕ್ತಪಡಿಸಿರುತ್ತಾರೆ.
